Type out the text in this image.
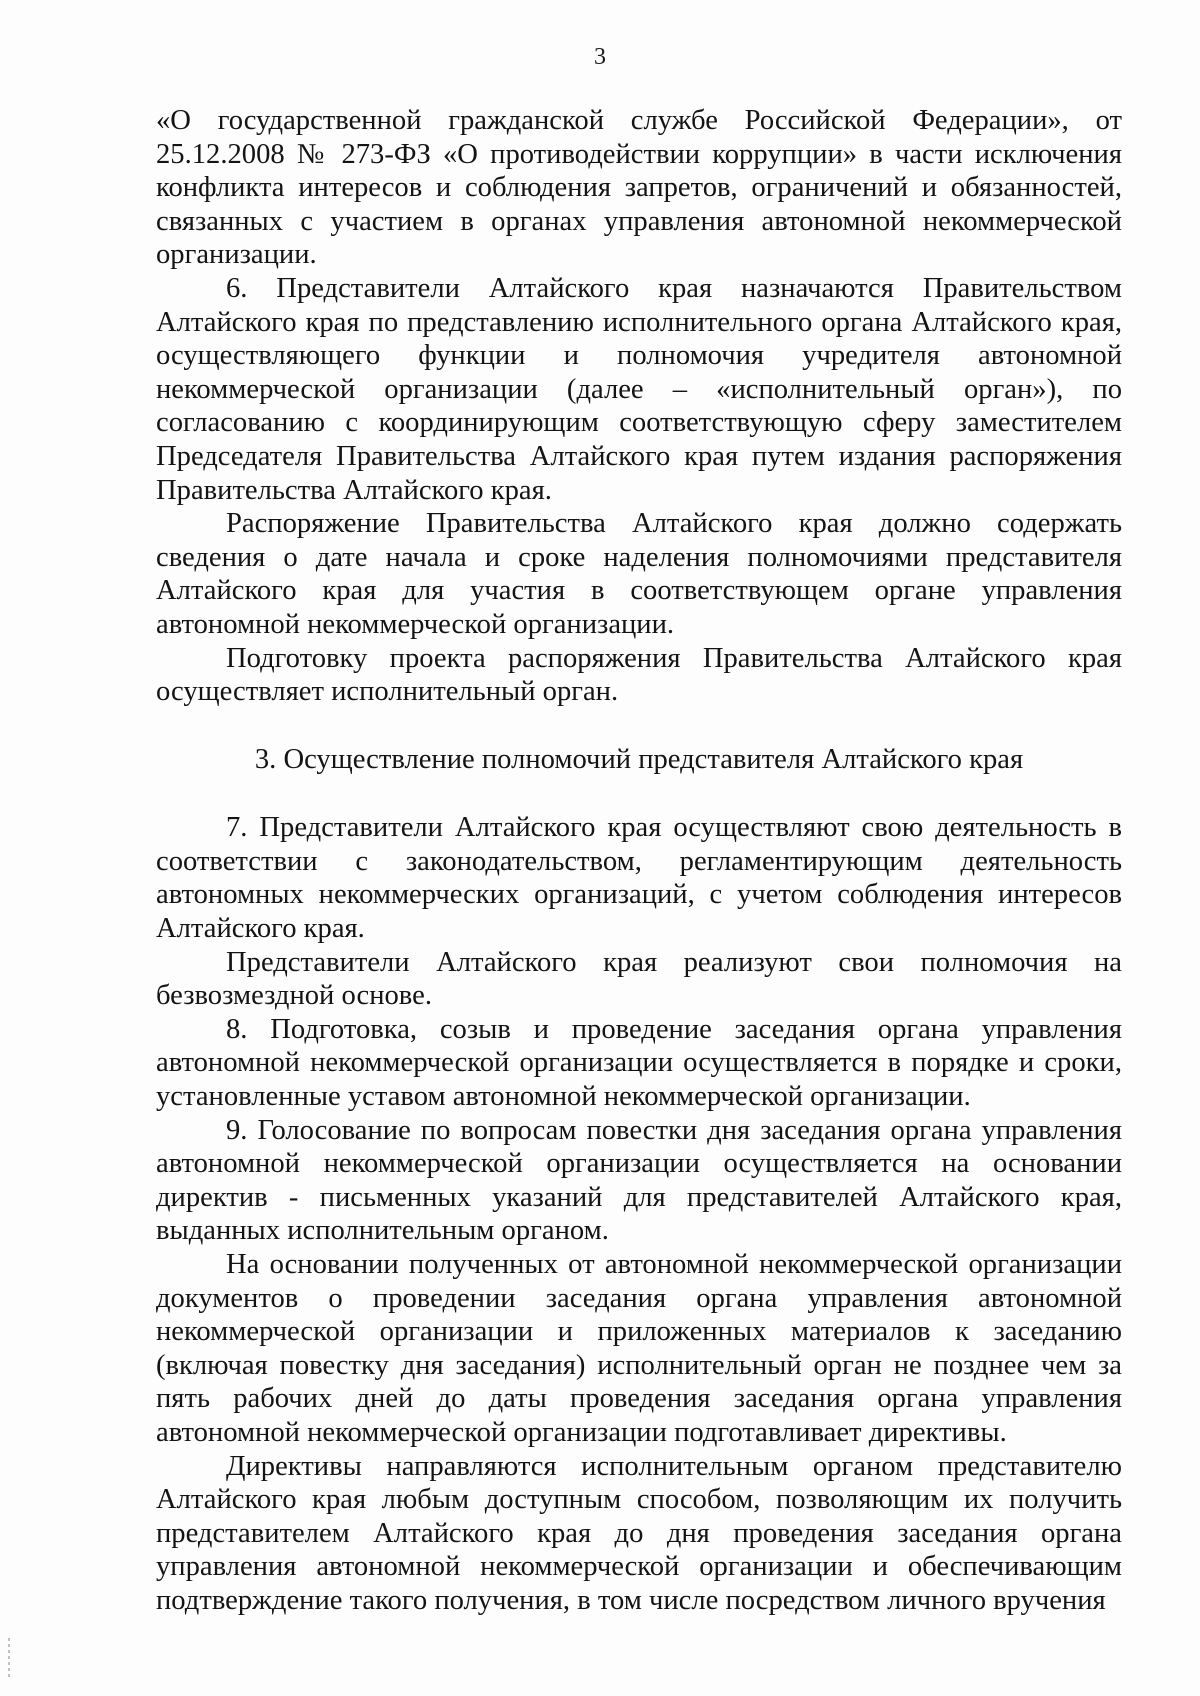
3

«О государственной гражданской службе Российской Федерации», от 25.12.2008 № 273-ФЗ «О противодействии коррупции» в части исключения конфликта интересов и соблюдения запретов, ограничений и обязанностей, связанных с участием в органах управления автономной некоммерческой организации.

6. Представители Алтайского края назначаются Правительством Алтайского края по представлению исполнительного органа Алтайского края, осуществляющего функции и полномочия учредителя автономной некоммерческой организации (далее – «исполнительный орган»), по согласованию с координирующим соответствующую сферу заместителем Председателя Правительства Алтайского края путем издания распоряжения Правительства Алтайского края.

Распоряжение Правительства Алтайского края должно содержать сведения о дате начала и сроке наделения полномочиями представителя Алтайского края для участия в соответствующем органе управления автономной некоммерческой организации.

Подготовку проекта распоряжения Правительства Алтайского края осуществляет исполнительный орган.

3. Осуществление полномочий представителя Алтайского края

7. Представители Алтайского края осуществляют свою деятельность в соответствии с законодательством, регламентирующим деятельность автономных некоммерческих организаций, с учетом соблюдения интересов Алтайского края.

Представители Алтайского края реализуют свои полномочия на безвозмездной основе.

8. Подготовка, созыв и проведение заседания органа управления автономной некоммерческой организации осуществляется в порядке и сроки, установленные уставом автономной некоммерческой организации.

9. Голосование по вопросам повестки дня заседания органа управления автономной некоммерческой организации осуществляется на основании директив - письменных указаний для представителей Алтайского края, выданных исполнительным органом.

На основании полученных от автономной некоммерческой организации документов о проведении заседания органа управления автономной некоммерческой организации и приложенных материалов к заседанию (включая повестку дня заседания) исполнительный орган не позднее чем за пять рабочих дней до даты проведения заседания органа управления автономной некоммерческой организации подготавливает директивы.

Директивы направляются исполнительным органом представителю Алтайского края любым доступным способом, позволяющим их получить представителем Алтайского края до дня проведения заседания органа управления автономной некоммерческой организации и обеспечивающим подтверждение такого получения, в том числе посредством личного вручения
